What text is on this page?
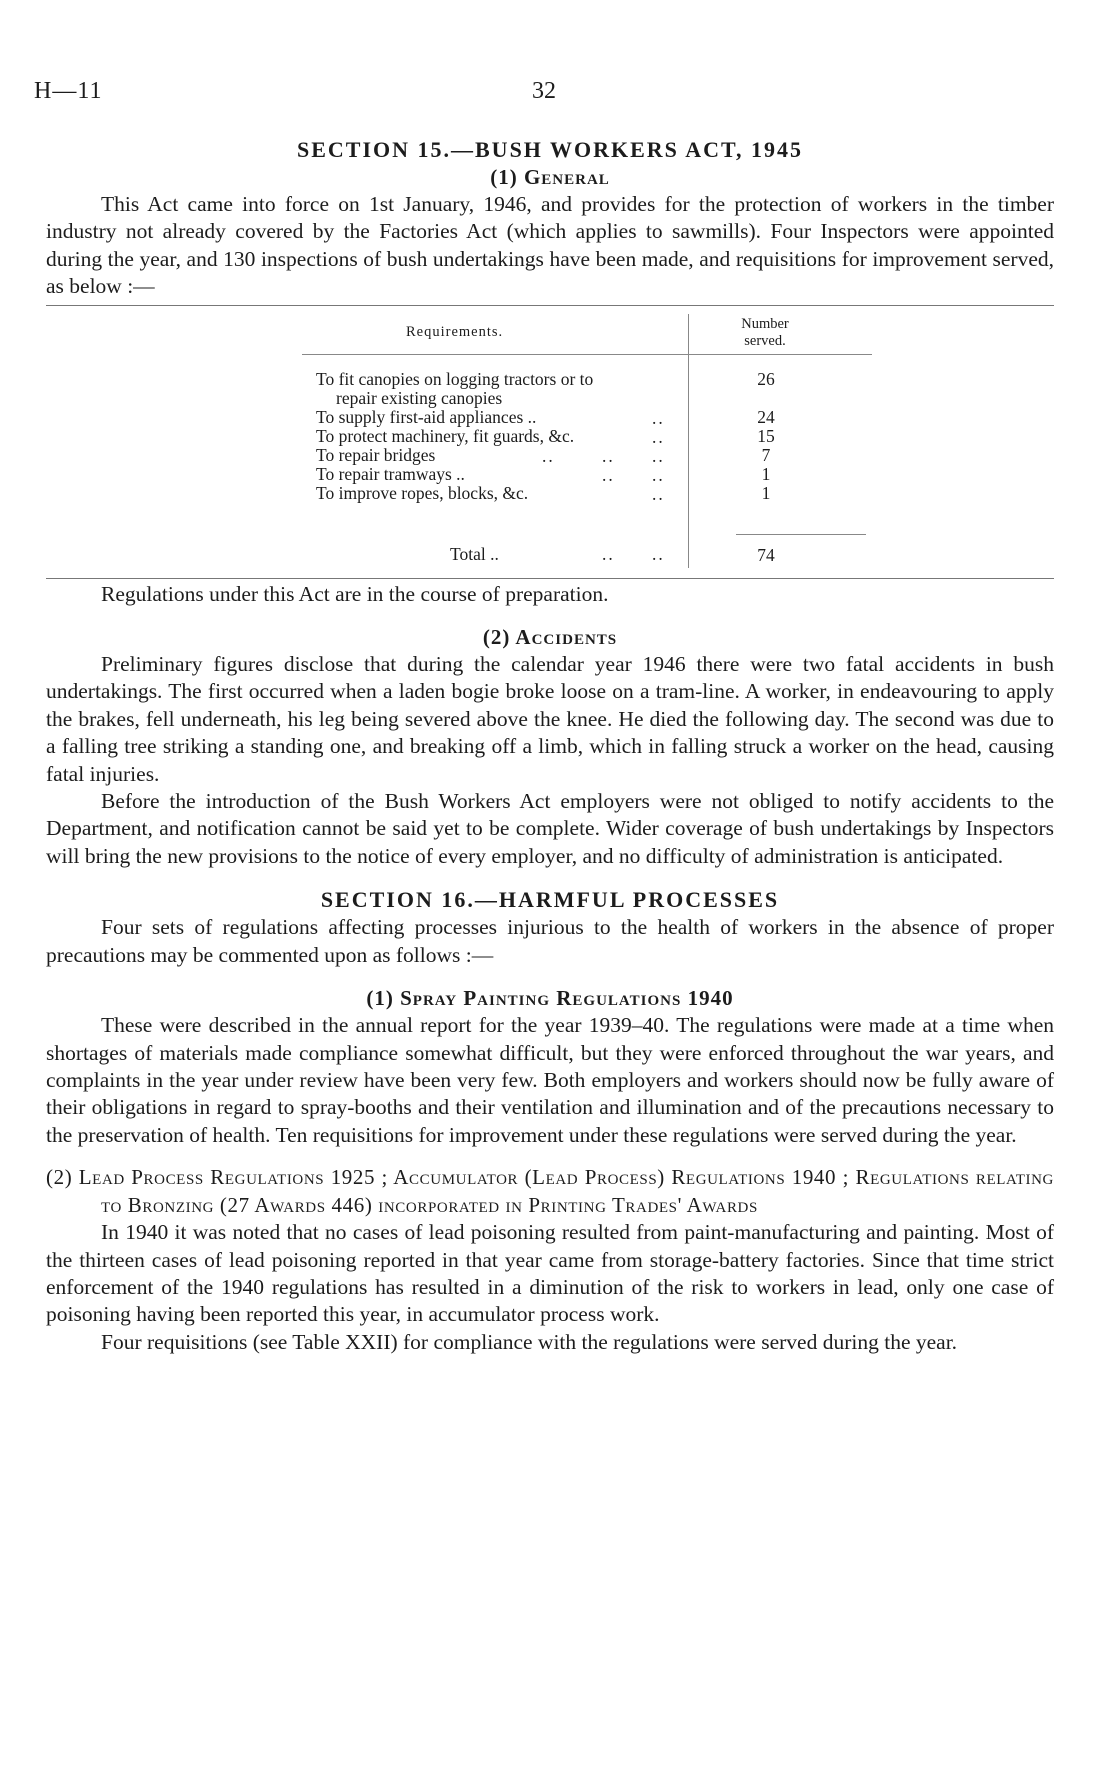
H—11	32
SECTION 15.—BUSH WORKERS ACT, 1945
(1) General

This Act came into force on 1st January, 1946, and provides for the protection of workers in the timber industry not already covered by the Factories Act (which applies to sawmills). Four Inspectors were appointed during the year, and 130 inspections of bush undertakings have been made, and requisitions for improvement served, as below :—

Requirements.	Number
served.
To fit canopies on logging tractors or to
repair existing canopies
26
To supply first-aid appliances ..	..	24
To protect machinery, fit guards, &c.	..	15
To repair bridges	..	.. ..	7
To repair tramways ..	.. ..	1
To improve ropes, blocks, &c.	..	1
Total ..	.. ..	74

Regulations under this Act are in the course of preparation.

(2) Accidents

Preliminary figures disclose that during the calendar year 1946 there were two fatal accidents in bush undertakings. The first occurred when a laden bogie broke loose on a tram-line. A worker, in endeavouring to apply the brakes, fell underneath, his leg being severed above the knee. He died the following day. The second was due to a falling tree striking a standing one, and breaking off a limb, which in falling struck a worker on the head, causing fatal injuries.

Before the introduction of the Bush Workers Act employers were not obliged to notify accidents to the Department, and notification cannot be said yet to be complete. Wider coverage of bush undertakings by Inspectors will bring the new provisions to the notice of every employer, and no difficulty of administration is anticipated.

SECTION 16.—HARMFUL PROCESSES

Four sets of regulations affecting processes injurious to the health of workers in the absence of proper precautions may be commented upon as follows :—

(1) Spray Painting Regulations 1940

These were described in the annual report for the year 1939–40. The regulations were made at a time when shortages of materials made compliance somewhat difficult, but they were enforced throughout the war years, and complaints in the year under review have been very few. Both employers and workers should now be fully aware of their obligations in regard to spray-booths and their ventilation and illumination and of the precautions necessary to the preservation of health. Ten requisitions for improvement under these regulations were served during the year.

(2) Lead Process Regulations 1925 ; Accumulator (Lead Process) Regulations 1940 ; Regulations relating to Bronzing (27 Awards 446) incorporated in Printing Trades' Awards

In 1940 it was noted that no cases of lead poisoning resulted from paint-manufacturing and painting. Most of the thirteen cases of lead poisoning reported in that year came from storage-battery factories. Since that time strict enforcement of the 1940 regulations has resulted in a diminution of the risk to workers in lead, only one case of poisoning having been reported this year, in accumulator process work.

Four requisitions (see Table XXII) for compliance with the regulations were served during the year.
